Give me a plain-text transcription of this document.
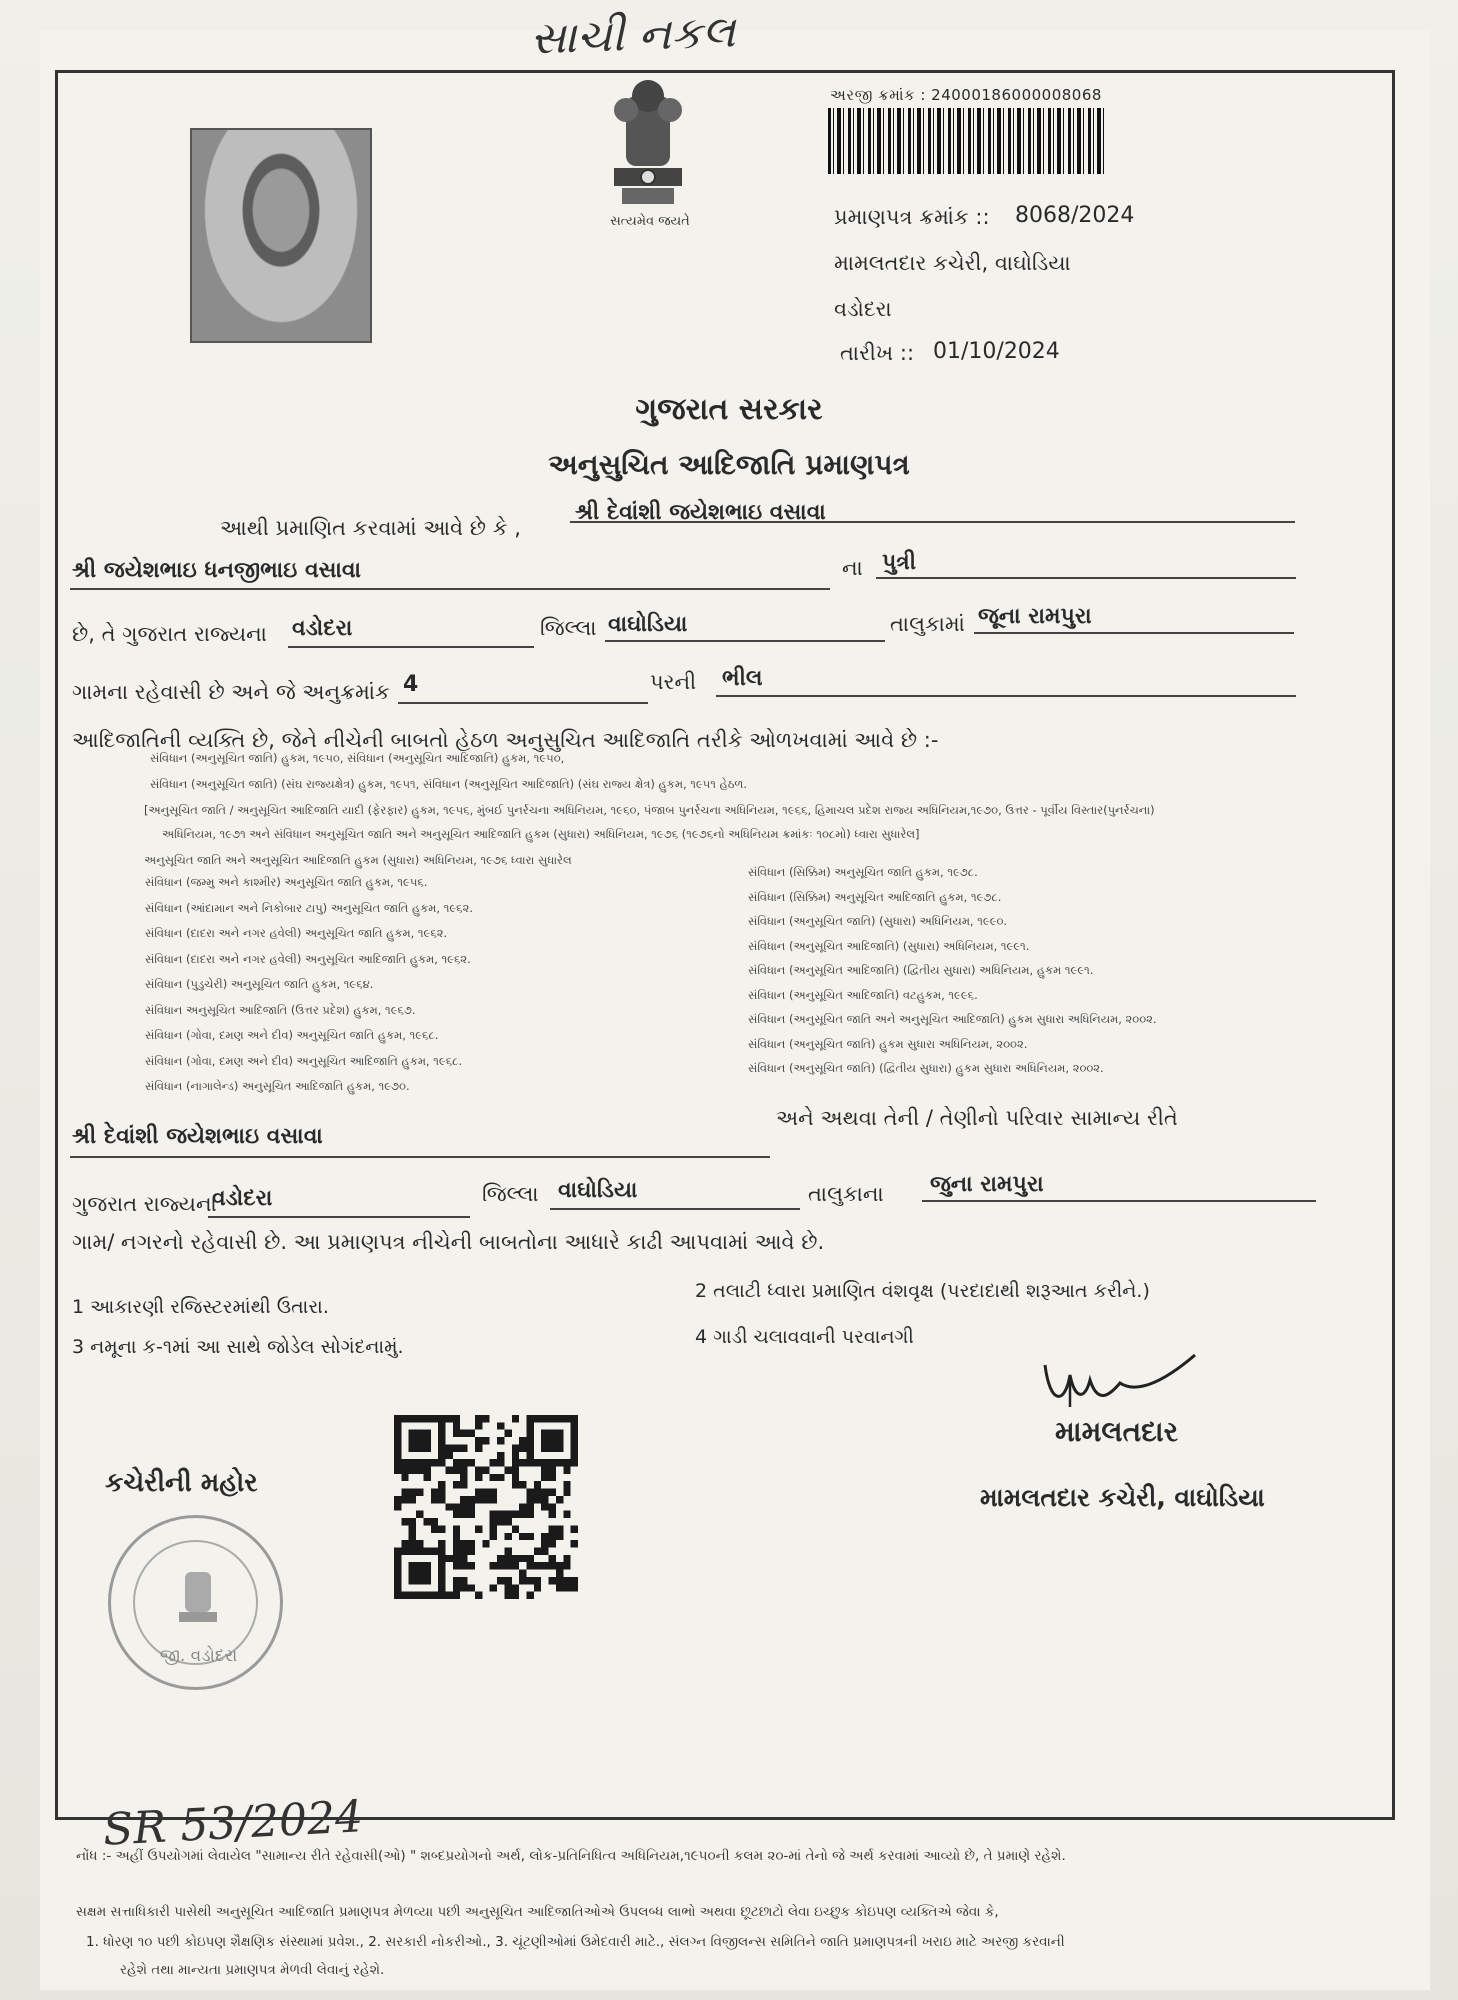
સાચી નકલ
સત્યમેવ જયતે
અરજી ક્રમાંક : 24000186000008068
પ્રમાણપત્ર ક્રમાંક :: 8068/2024
મામલતદાર કચેરી, વાઘોડિયા
વડોદરા
તારીખ :: 01/10/2024
ગુજરાત સરકાર
અનુસુચિત આદિજાતિ પ્રમાણપત્ર
આથી પ્રમાણિત કરવામાં આવે છે કે ,
શ્રી દેવાંશી જયેશભાઇ વસાવા
શ્રી જયેશભાઇ ધનજીભાઇ વસાવા	ના પુત્રી
છે, તે ગુજરાત રાજ્યના વડોદરા	જિલ્લા વાઘોડિયા	તાલુકામાં જૂના રામપુરા
ગામના રહેવાસી છે અને જે અનુક્રમાંક 4	પરની ભીલ
આદિજાતિની વ્યક્તિ છે, જેને નીચેની બાબતો હેઠળ અનુસુચિત આદિજાતિ તરીકે ઓળખવામાં આવે છે :-
સંવિધાન (અનુસૂચિત જાતિ) હુકમ, ૧૯૫૦, સંવિધાન (અનુસૂચિત આદિજાતિ) હુકમ, ૧૯૫૦,
સંવિધાન (અનુસૂચિત જાતિ) (સંઘ રાજ્યક્ષેત્ર) હુકમ, ૧૯૫૧, સંવિધાન (અનુસૂચિત આદિજાતિ) (સંઘ રાજ્ય ક્ષેત્ર) હુકમ, ૧૯૫૧ હેઠળ.
[અનુસૂચિત જાતિ / અનુસૂચિત આદિજાતિ યાદી (ફેરફાર) હુકમ, ૧૯૫૬, મુંબઈ પુનર્રચના અધિનિયમ, ૧૯૬૦, પંજાબ પુનર્રચના અધિનિયમ, ૧૯૬૬, હિમાચલ પ્રદેશ રાજ્ય અધિનિયમ,૧૯૭૦, ઉત્તર - પૂર્વીય વિસ્તાર(પુનર્રચના)
અધિનિયમ, ૧૯૭૧ અને સંવિધાન અનુસૂચિત જાતિ અને અનુસૂચિત આદિજાતિ હુકમ (સુધારા) અધિનિયમ, ૧૯૭૬ (૧૯૭૬નો અધિનિયમ ક્રમાંકઃ ૧૦૮મો) ધ્વારા સુધારેલ]
અનુસૂચિત જાતિ અને અનુસૂચિત આદિજાતિ હુકમ (સુધારા) અધિનિયમ, ૧૯૭૬ ધ્વારા સુધારેલ
સંવિધાન (જમ્મુ અને કાશ્મીર) અનુસૂચિત જાતિ હુકમ, ૧૯૫૬.
સંવિધાન (આંદામાન અને નિકોબાર ટાપુ) અનુસૂચિત જાતિ હુકમ, ૧૯૬૨.
સંવિધાન (દાદરા અને નગર હવેલી) અનુસૂચિત જાતિ હુકમ, ૧૯૬૨.
સંવિધાન (દાદરા અને નગર હવેલી) અનુસૂચિત આદિજાતિ હુકમ, ૧૯૬૨.
સંવિધાન (પુડુચેરી) અનુસૂચિત જાતિ હુકમ, ૧૯૬૪.
સંવિધાન અનુસૂચિત આદિજાતિ (ઉત્તર પ્રદેશ) હુકમ, ૧૯૬૭.
સંવિધાન (ગોવા, દમણ અને દીવ) અનુસૂચિત જાતિ હુકમ, ૧૯૬૮.
સંવિધાન (ગોવા, દમણ અને દીવ) અનુસૂચિત આદિજાતિ હુકમ, ૧૯૬૮.
સંવિધાન (નાગાલેન્ડ) અનુસૂચિત આદિજાતિ હુકમ, ૧૯૭૦.
સંવિધાન (સિક્કિમ) અનુસૂચિત જાતિ હુકમ, ૧૯૭૮.
સંવિધાન (સિક્કિમ) અનુસૂચિત આદિજાતિ હુકમ, ૧૯૭૮.
સંવિધાન (અનુસૂચિત જાતિ) (સુધારા) અધિનિયમ, ૧૯૯૦.
સંવિધાન (અનુસૂચિત આદિજાતિ) (સુધારા) અધિનિયમ, ૧૯૯૧.
સંવિધાન (અનુસૂચિત આદિજાતિ) (દ્વિતીય સુધારા) અધિનિયમ, હુકમ ૧૯૯૧.
સંવિધાન (અનુસૂચિત આદિજાતિ) વટહુકમ, ૧૯૯૬.
સંવિધાન (અનુસૂચિત જાતિ અને અનુસૂચિત આદિજાતિ) હુકમ સુધારા અધિનિયમ, ૨૦૦૨.
સંવિધાન (અનુસૂચિત જાતિ) હુકમ સુધારા અધિનિયમ, ૨૦૦૨.
સંવિધાન (અનુસૂચિત જાતિ) (દ્વિતીય સુધારા) હુકમ સુધારા અધિનિયમ, ૨૦૦૨.
શ્રી દેવાંશી જયેશભાઇ વસાવા
અને અથવા તેની / તેણીનો પરિવાર સામાન્ય રીતે
ગુજરાત રાજ્યના
વડોદરા	જિલ્લા વાઘોડિયા	તાલુકાના જુના રામપુરા
ગામ/ નગરનો રહેવાસી છે. આ પ્રમાણપત્ર નીચેની બાબતોના આધારે કાઢી આપવામાં આવે છે.
1 આકારણી રજિસ્ટરમાંથી ઉતારા.
2 તલાટી ધ્વારા પ્રમાણિત વંશવૃક્ષ (પરદાદાથી શરૂઆત કરીને.)
3 નમૂના ક-૧માં આ સાથે જોડેલ સોગંદનામું.	4 ગાડી ચલાવવાની પરવાનગી
મામલતદાર
મામલતદાર કચેરી, વાઘોડિયા
કચેરીની મહોર
જી. વડોદરા
SR 53/2024
નોંધ :- અહીં ઉપયોગમાં લેવાયેલ "સામાન્ય રીતે રહેવાસી(ઓ) " શબ્દપ્રયોગનો અર્થ, લોક-પ્રતિનિધિત્વ અધિનિયમ,૧૯૫૦ની કલમ ૨૦-માં તેનો જે અર્થ કરવામાં આવ્યો છે, તે પ્રમાણે રહેશે.
સક્ષમ સત્તાધિકારી પાસેથી અનુસૂચિત આદિજાતિ પ્રમાણપત્ર મેળવ્યા પછી અનુસૂચિત આદિજાતિઓએ ઉપલબ્ધ લાભો અથવા છૂટછાટો લેવા ઇચ્છુક કોઇપણ વ્યક્તિએ જેવા કે,
1. ધોરણ ૧૦ પછી કોઇપણ શૈક્ષણિક સંસ્થામાં પ્રવેશ., 2. સરકારી નોકરીઓ., 3. ચૂંટણીઓમાં ઉમેદવારી માટે., સંલગ્ન વિજીલન્સ સમિતિને જાતિ પ્રમાણપત્રની ખરાઇ માટે અરજી કરવાની
રહેશે તથા માન્યતા પ્રમાણપત્ર મેળવી લેવાનું રહેશે.
